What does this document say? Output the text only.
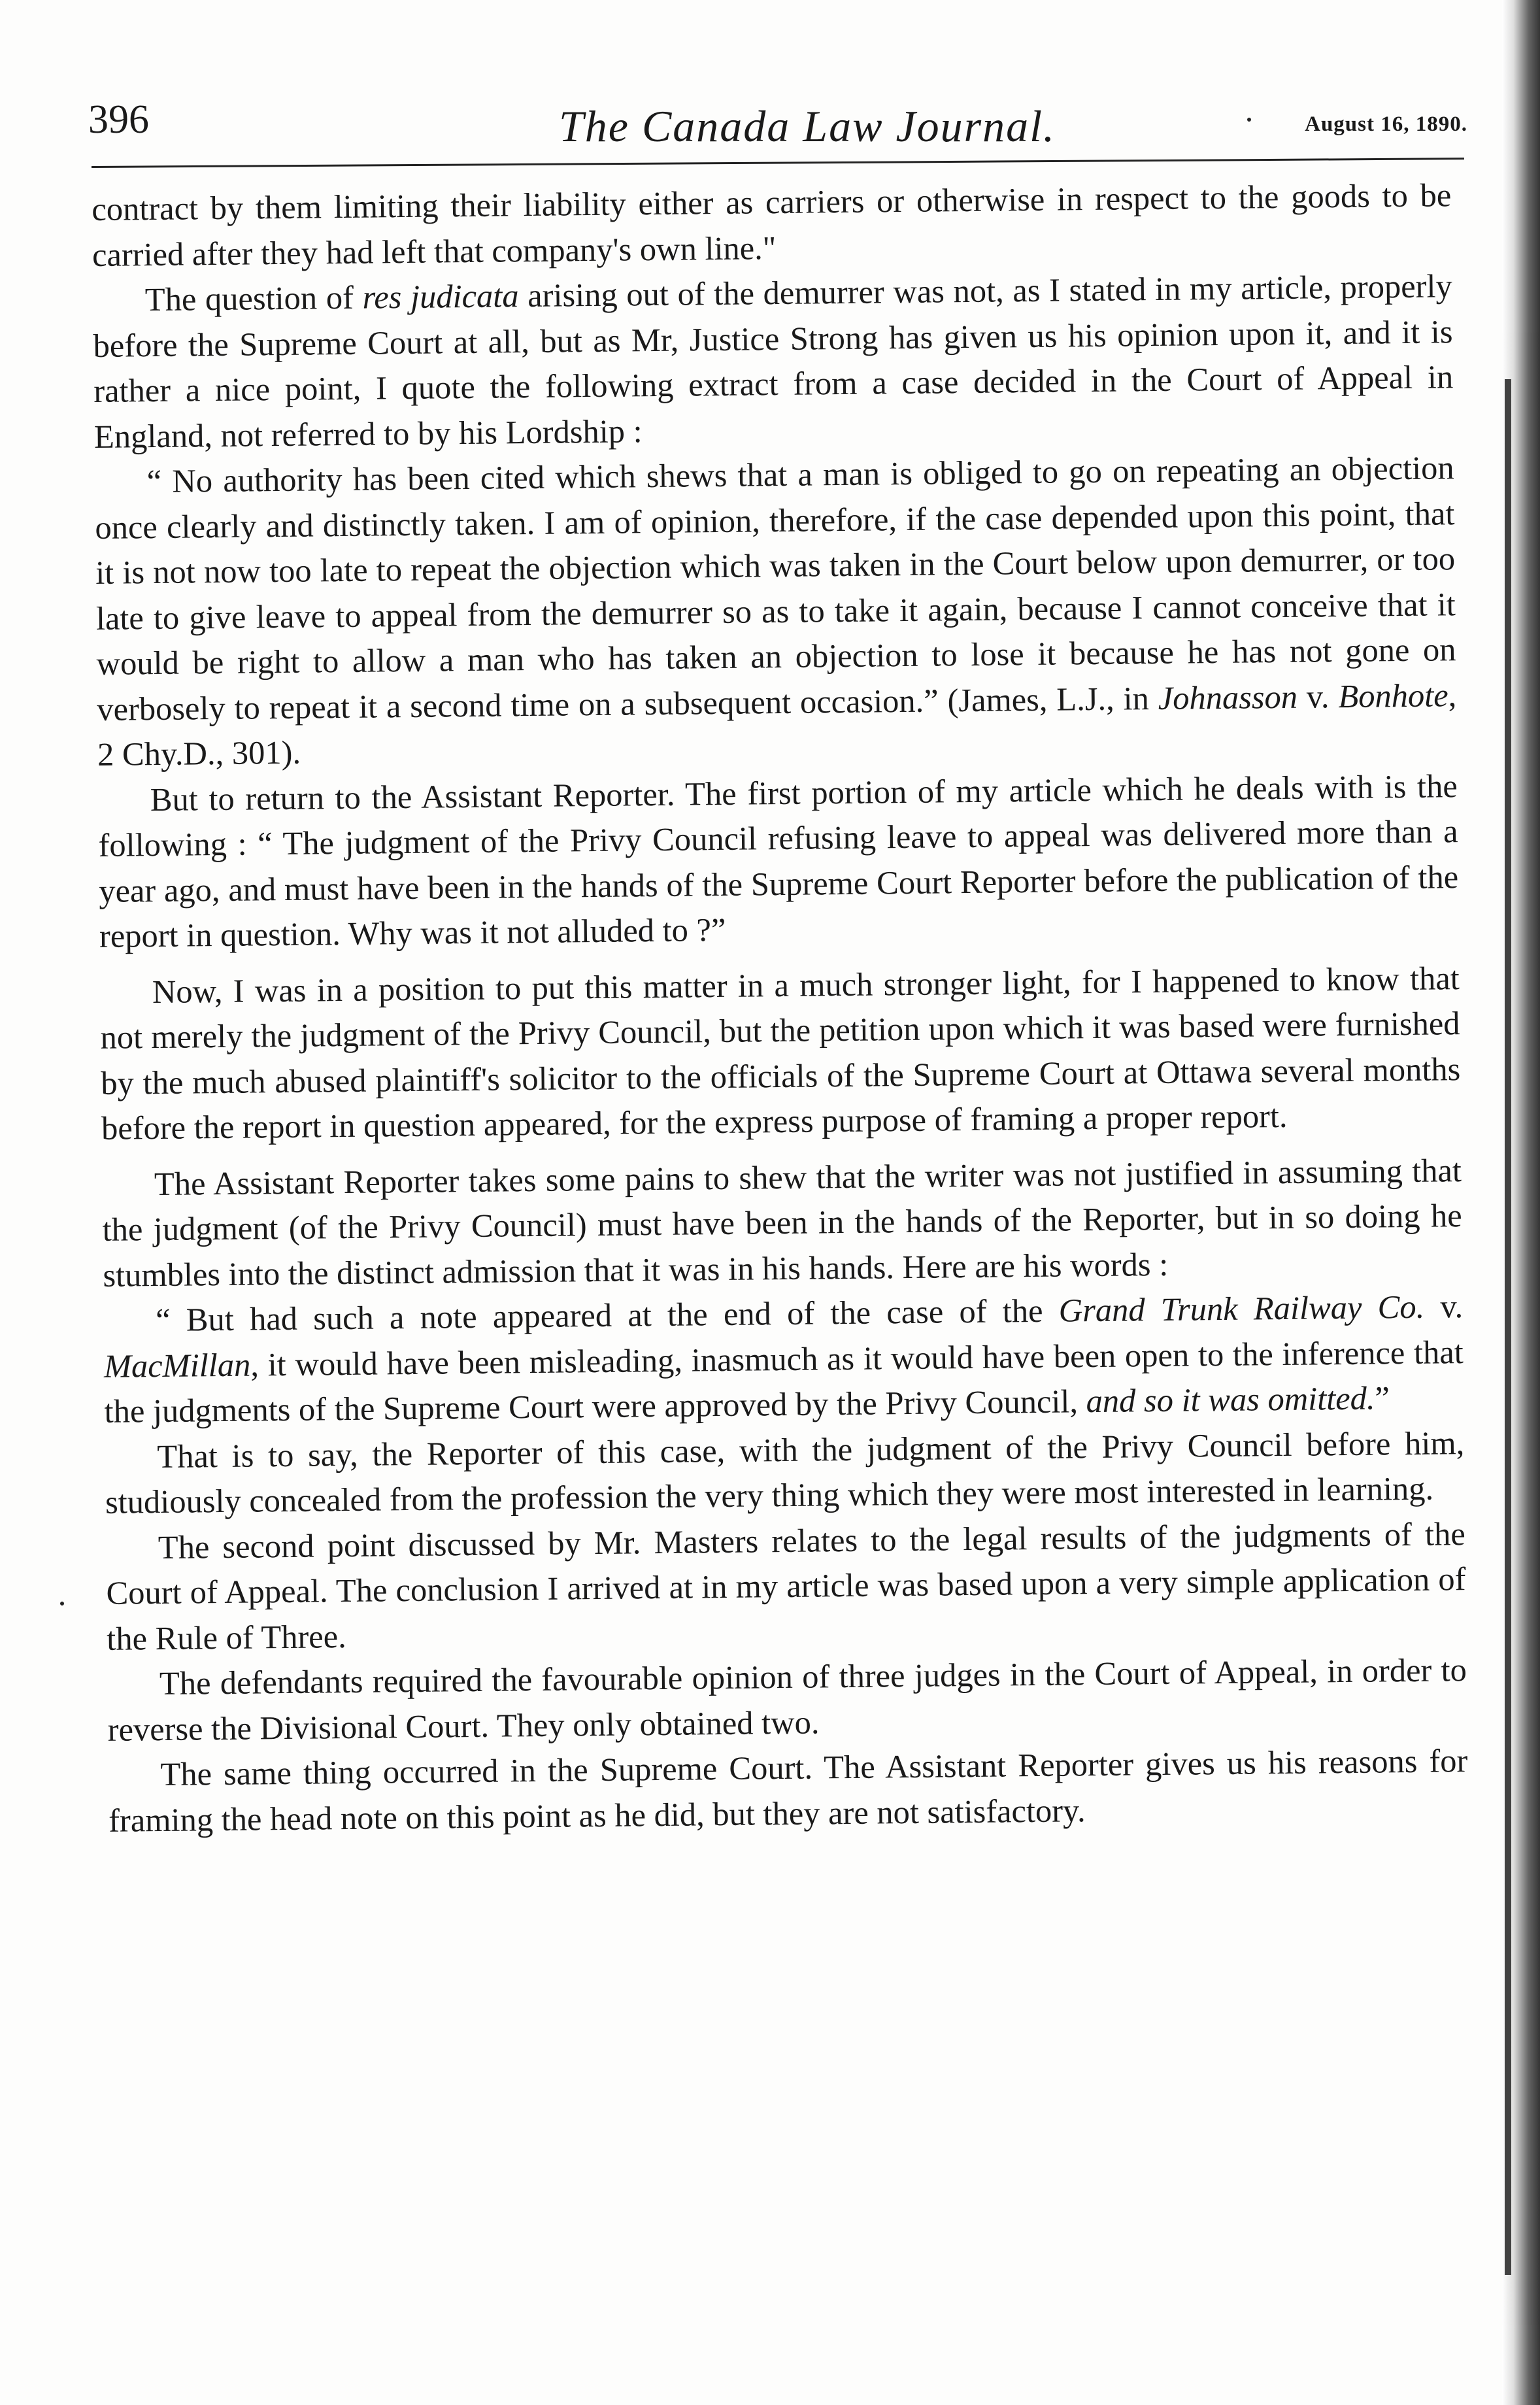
396	The Canada Law Journal.	August 16, 1890.

contract by them limiting their liability either as carriers or otherwise in respect to the goods to be carried after they had left that company's own line."

The question of res judicata arising out of the demurrer was not, as I stated in my article, properly before the Supreme Court at all, but as Mr, Justice Strong has given us his opinion upon it, and it is rather a nice point, I quote the following extract from a case decided in the Court of Appeal in England, not referred to by his Lordship :

“ No authority has been cited which shews that a man is obliged to go on repeating an objection once clearly and distinctly taken. I am of opinion, therefore, if the case depended upon this point, that it is not now too late to repeat the objection which was taken in the Court below upon demurrer, or too late to give leave to appeal from the demurrer so as to take it again, because I cannot conceive that it would be right to allow a man who has taken an objection to lose it because he has not gone on verbosely to repeat it a second time on a subsequent occasion.” (James, L.J., in Johnasson v. Bonhote, 2 Chy.D., 301).

But to return to the Assistant Reporter. The first portion of my article which he deals with is the following : “ The judgment of the Privy Council refusing leave to appeal was delivered more than a year ago, and must have been in the hands of the Supreme Court Reporter before the publication of the report in question. Why was it not alluded to ?”

Now, I was in a position to put this matter in a much stronger light, for I happened to know that not merely the judgment of the Privy Council, but the petition upon which it was based were furnished by the much abused plaintiff's solicitor to the officials of the Supreme Court at Ottawa several months before the report in question appeared, for the express purpose of framing a proper report.

The Assistant Reporter takes some pains to shew that the writer was not justified in assuming that the judgment (of the Privy Council) must have been in the hands of the Reporter, but in so doing he stumbles into the distinct admission that it was in his hands. Here are his words :

“ But had such a note appeared at the end of the case of the Grand Trunk Railway Co. v. MacMillan, it would have been misleading, inasmuch as it would have been open to the inference that the judgments of the Supreme Court were approved by the Privy Council, and so it was omitted.”

That is to say, the Reporter of this case, with the judgment of the Privy Council before him, studiously concealed from the profession the very thing which they were most interested in learning.

The second point discussed by Mr. Masters relates to the legal results of the judgments of the Court of Appeal. The conclusion I arrived at in my article was based upon a very simple application of the Rule of Three.

The defendants required the favourable opinion of three judges in the Court of Appeal, in order to reverse the Divisional Court. They only obtained two.

The same thing occurred in the Supreme Court. The Assistant Reporter gives us his reasons for framing the head note on this point as he did, but they are not satisfactory.
